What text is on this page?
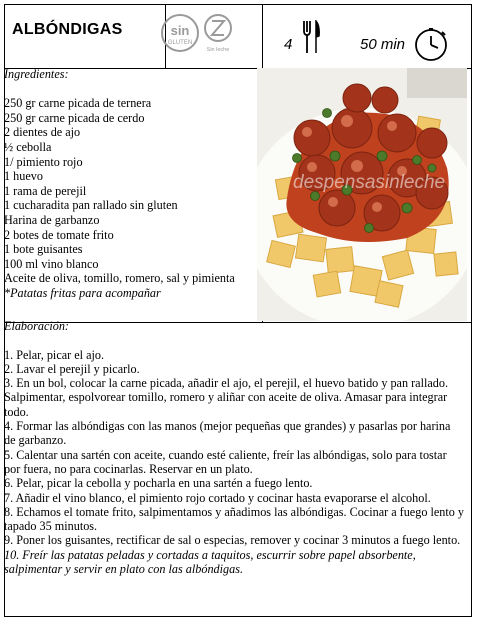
ALBÓNDIGAS	sin
GLUTEN
Sin leche	4	50 min
Ingredientes:
250 gr carne picada de ternera
250 gr carne picada de cerdo
2 dientes de ajo
½ cebolla
1/ pimiento rojo
1 huevo
1 rama de perejil
1 cucharadita pan rallado sin gluten
Harina de garbanzo
2 botes de tomate frito
1 bote guisantes
100 ml vino blanco
Aceite de oliva, tomillo, romero, sal y pimienta
*Patatas fritas para acompañar
despensasinleche
Elaboración:
1. Pelar, picar el ajo.
2. Lavar el perejil y picarlo.
3. En un bol, colocar la carne picada, añadir el ajo, el perejil, el huevo batido y pan rallado. Salpimentar, espolvorear tomillo, romero y aliñar con aceite de oliva. Amasar para integrar todo.
4. Formar las albóndigas con las manos (mejor pequeñas que grandes) y pasarlas por harina de garbanzo.
5. Calentar una sartén con aceite, cuando esté caliente, freír las albóndigas, solo para tostar por fuera, no para cocinarlas. Reservar en un plato.
6. Pelar, picar la cebolla y pocharla en una sartén a fuego lento.
7. Añadir el vino blanco, el pimiento rojo cortado y cocinar hasta evaporarse el alcohol.
8. Echamos el tomate frito, salpimentamos y añadimos las albóndigas. Cocinar a fuego lento y tapado 35 minutos.
9. Poner los guisantes, rectificar de sal o especias, remover y cocinar 3 minutos a fuego lento.
10. Freír las patatas peladas y cortadas a taquitos, escurrir sobre papel absorbente, salpimentar y servir en plato con las albóndigas.
